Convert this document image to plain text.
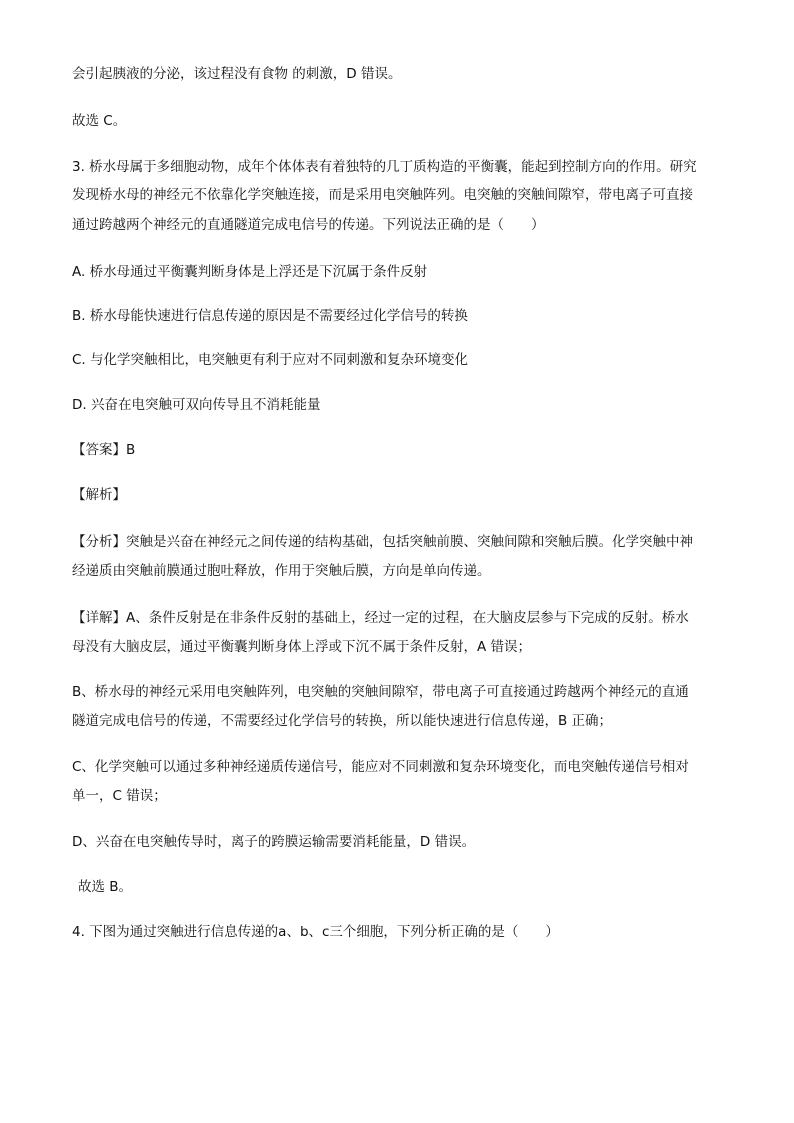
会引起胰液的分泌，该过程没有食物 的刺激，D 错误。
故选 C。
3. 桥水母属于多细胞动物，成年个体体表有着独特的几丁质构造的平衡囊，能起到控制方向的作用。研究
发现桥水母的神经元不依靠化学突触连接，而是采用电突触阵列。电突触的突触间隙窄，带电离子可直接
通过跨越两个神经元的直通隧道完成电信号的传递。下列说法正确的是（　　）
A. 桥水母通过平衡囊判断身体是上浮还是下沉属于条件反射
B. 桥水母能快速进行信息传递的原因是不需要经过化学信号的转换
C. 与化学突触相比，电突触更有利于应对不同刺激和复杂环境变化
D. 兴奋在电突触可双向传导且不消耗能量
【答案】B
【解析】
【分析】突触是兴奋在神经元之间传递的结构基础，包括突触前膜、突触间隙和突触后膜。化学突触中神
经递质由突触前膜通过胞吐释放，作用于突触后膜，方向是单向传递。
【详解】A、条件反射是在非条件反射的基础上，经过一定的过程，在大脑皮层参与下完成的反射。桥水
母没有大脑皮层，通过平衡囊判断身体上浮或下沉不属于条件反射，A 错误；
B、桥水母的神经元采用电突触阵列，电突触的突触间隙窄，带电离子可直接通过跨越两个神经元的直通
隧道完成电信号的传递，不需要经过化学信号的转换，所以能快速进行信息传递，B 正确；
C、化学突触可以通过多种神经递质传递信号，能应对不同刺激和复杂环境变化，而电突触传递信号相对
单一，C 错误；
D、兴奋在电突触传导时，离子的跨膜运输需要消耗能量，D 错误。
故选 B。
4. 下图为通过突触进行信息传递的a、b、c三个细胞，下列分析正确的是（　　）
